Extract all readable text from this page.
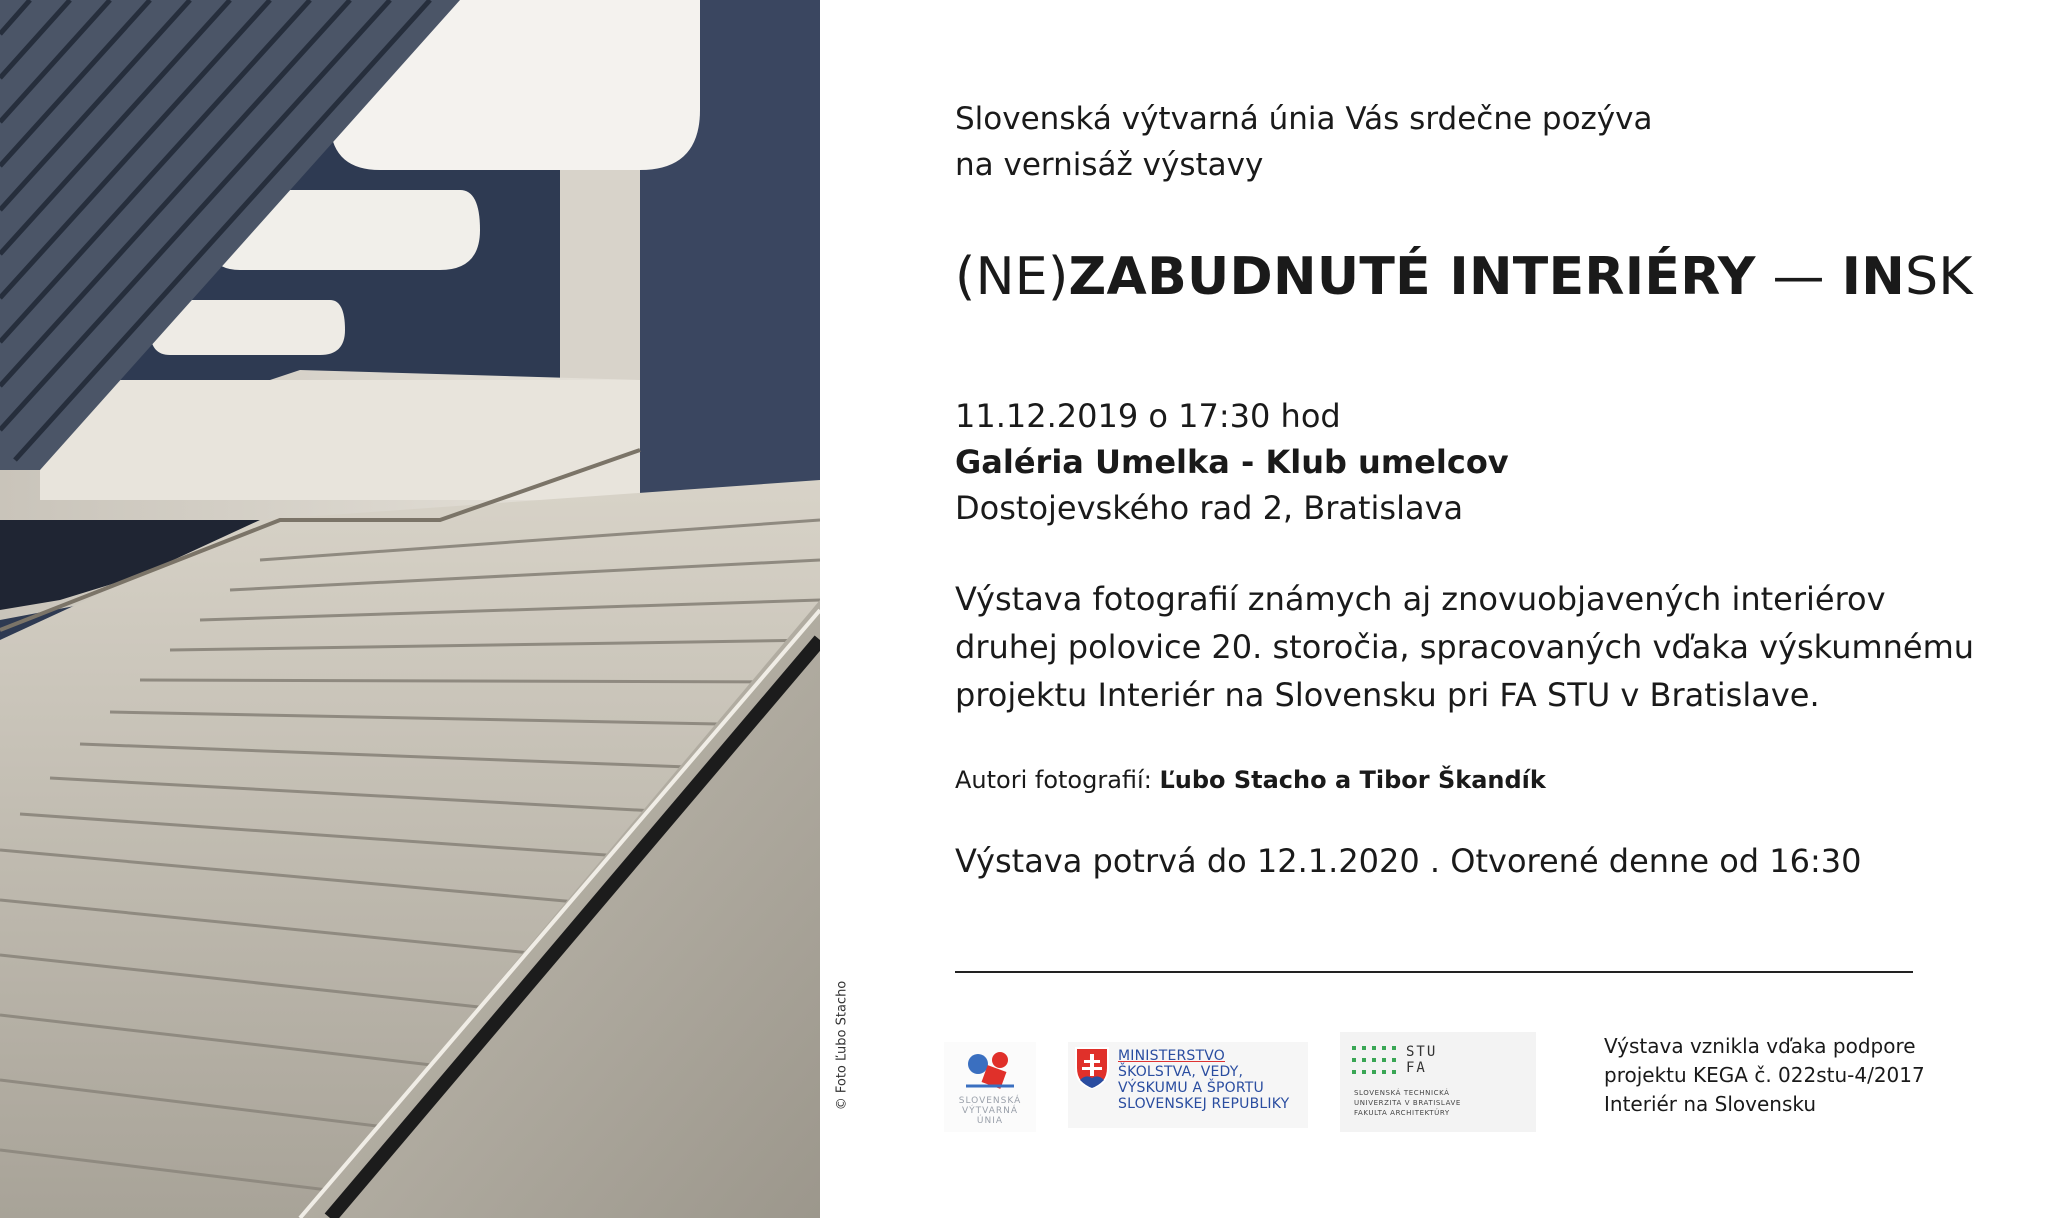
© Foto Ľubo Stacho
Slovenská výtvarná únia Vás srdečne pozýva
na vernisáž výstavy
(NE)ZABUDNUTÉ INTERIÉRY — INSK
11.12.2019 o 17:30 hod
Galéria Umelka - Klub umelcov
Dostojevského rad 2, Bratislava
Výstava fotografií známych aj znovuobjavených interiérov
druhej polovice 20. storočia, spracovaných vďaka výskumnému
projektu Interiér na Slovensku pri FA STU v Bratislave.
Autori fotografií: Ľubo Stacho a Tibor Škandík
Výstava potrvá do 12.1.2020 . Otvorené denne od 16:30
SLOVENSKÁ
VÝTVARNÁ
ÚNIA
MINISTERSTVO
ŠKOLSTVA, VEDY,
VÝSKUMU A ŠPORTU
SLOVENSKEJ REPUBLIKY
STU
FA
SLOVENSKÁ TECHNICKÁ
UNIVERZITA V BRATISLAVE
FAKULTA ARCHITEKTÚRY
Výstava vznikla vďaka podpore
projektu KEGA č. 022stu-4/2017
Interiér na Slovensku
